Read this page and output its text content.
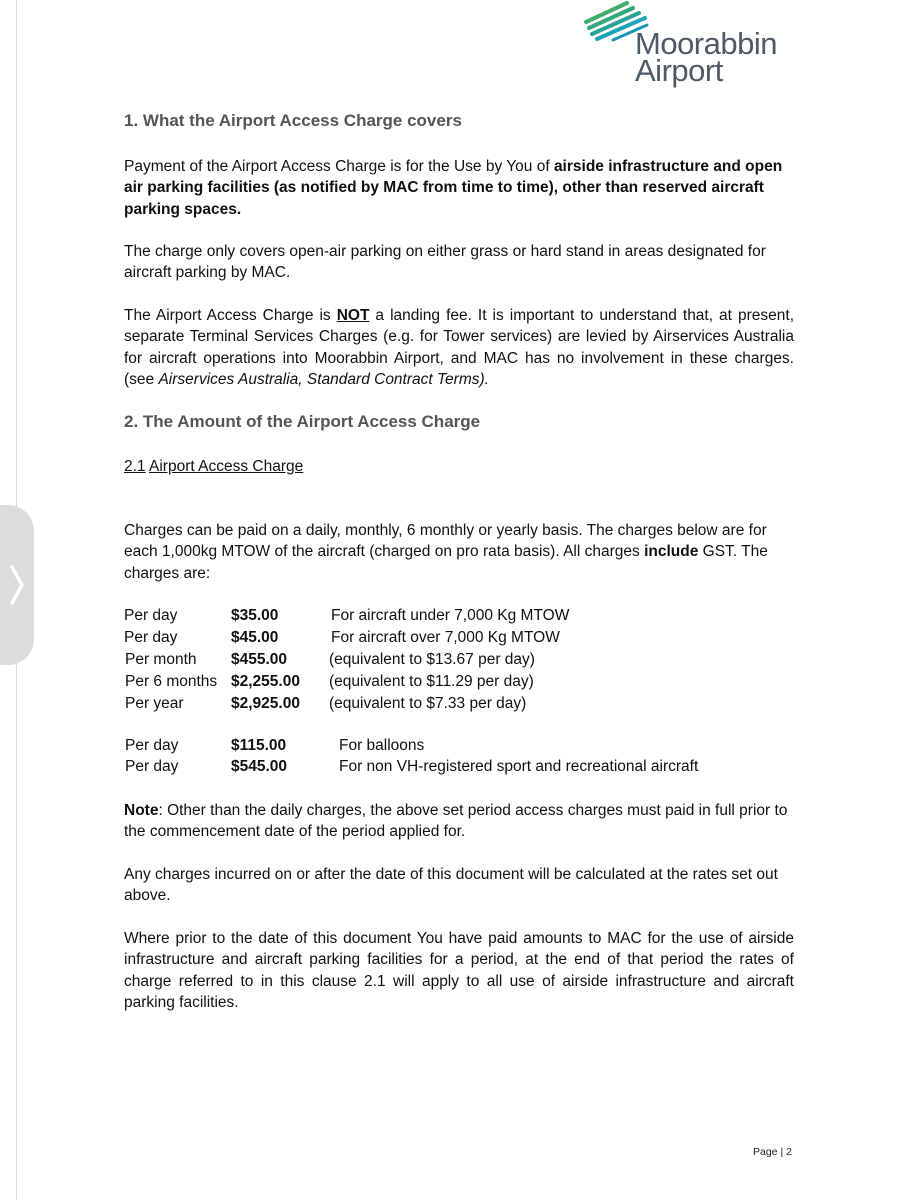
Moorabbin
Airport
1. What the Airport Access Charge covers
Payment of the Airport Access Charge is for the Use by You of airside infrastructure and open air parking facilities (as notified by MAC from time to time), other than reserved aircraft parking spaces.
The charge only covers open-air parking on either grass or hard stand in areas designated for aircraft parking by MAC.
The Airport Access Charge is NOT a landing fee. It is important to understand that, at present, separate Terminal Services Charges (e.g. for Tower services) are levied by Airservices Australia for aircraft operations into Moorabbin Airport, and MAC has no involvement in these charges. (see Airservices Australia, Standard Contract Terms).
2. The Amount of the Airport Access Charge
2.1 Airport Access Charge
Charges can be paid on a daily, monthly, 6 monthly or yearly basis. The charges below are for each 1,000kg MTOW of the aircraft (charged on pro rata basis). All charges include GST. The charges are:
Per day	$35.00	For aircraft under 7,000 Kg MTOW
Per day	$45.00	For aircraft over 7,000 Kg MTOW
Per month $455.00	(equivalent to $13.67 per day)
Per 6 months $2,255.00 (equivalent to $11.29 per day)
Per year	$2,925.00 (equivalent to $7.33 per day)
Per day	$115.00	For balloons
Per day	$545.00	For non VH-registered sport and recreational aircraft
Note: Other than the daily charges, the above set period access charges must paid in full prior to the commencement date of the period applied for.
Any charges incurred on or after the date of this document will be calculated at the rates set out above.
Where prior to the date of this document You have paid amounts to MAC for the use of airside infrastructure and aircraft parking facilities for a period, at the end of that period the rates of charge referred to in this clause 2.1 will apply to all use of airside infrastructure and aircraft parking facilities.
Page | 2
